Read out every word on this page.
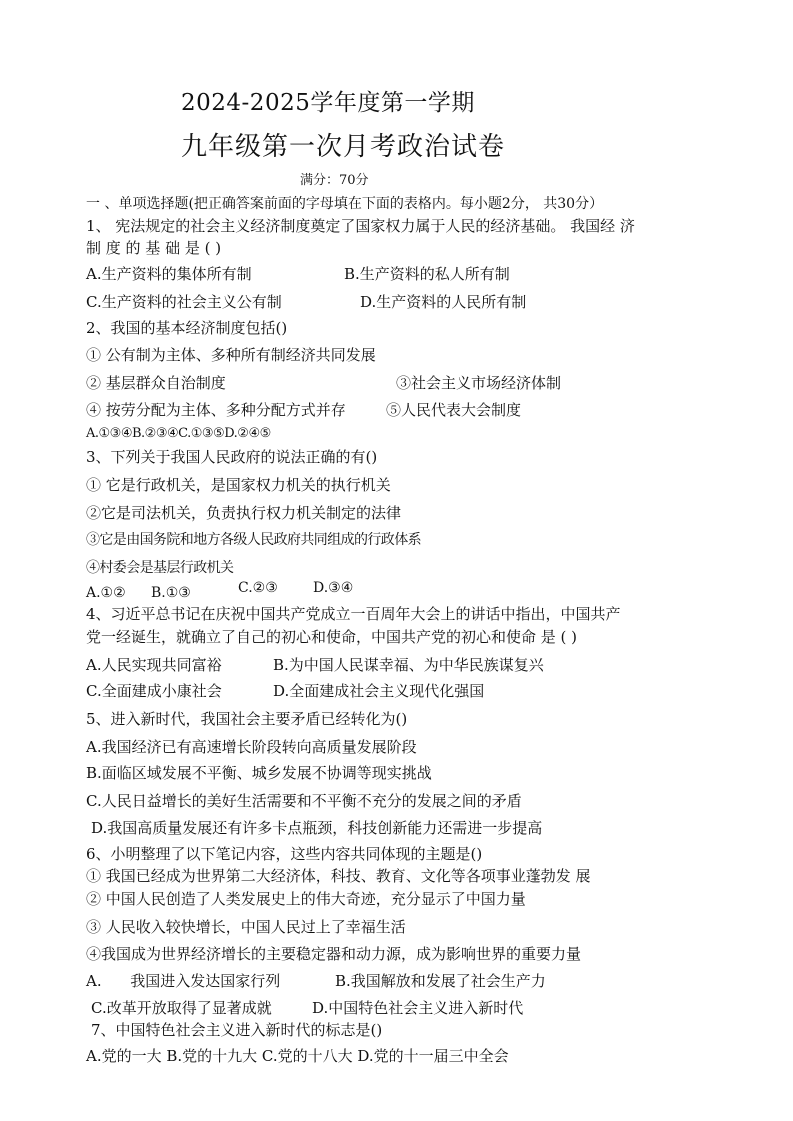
2024-2025学年度第一学期
九年级第一次月考政治试卷
满分：70分
一 、单项选择题(把正确答案前面的字母填在下面的表格内。每小题2分， 共30分）
1、 宪法规定的社会主义经济制度奠定了国家权力属于人民的经济基础。 我国经 济
制 度 的 基 础 是 ( )
A.生产资料的集体所有制	B.生产资料的私人所有制
C.生产资料的社会主义公有制	D.生产资料的人民所有制
2、我国的基本经济制度包括()
① 公有制为主体、多种所有制经济共同发展
② 基层群众自治制度	③社会主义市场经济体制
④ 按劳分配为主体、多种分配方式并存	⑤人民代表大会制度
A.①③④B.②③④C.①③⑤D.②④⑤
3、下列关于我国人民政府的说法正确的有()
① 它是行政机关，是国家权力机关的执行机关
②它是司法机关，负责执行权力机关制定的法律
③它是由国务院和地方各级人民政府共同组成的行政体系
④村委会是基层行政机关
A.①② B.①③	C.②③	D.③④
4、习近平总书记在庆祝中国共产党成立一百周年大会上的讲话中指出，中国共产
党一经诞生，就确立了自己的初心和使命，中国共产党的初心和使命 是 ( )
A.人民实现共同富裕	B.为中国人民谋幸福、为中华民族谋复兴
C.全面建成小康社会	D.全面建成社会主义现代化强国
5、进入新时代，我国社会主要矛盾已经转化为()
A.我国经济已有高速增长阶段转向高质量发展阶段
B.面临区域发展不平衡、城乡发展不协调等现实挑战
C.人民日益增长的美好生活需要和不平衡不充分的发展之间的矛盾
D.我国高质量发展还有许多卡点瓶颈，科技创新能力还需进一步提高
6、小明整理了以下笔记内容，这些内容共同体现的主题是()
① 我国已经成为世界第二大经济体，科技、教育、文化等各项事业蓬勃发 展
② 中国人民创造了人类发展史上的伟大奇迹，充分显示了中国力量
③ 人民收入较快增长，中国人民过上了幸福生活
④我国成为世界经济增长的主要稳定器和动力源，成为影响世界的重要力量
A.      我国进入发达国家行列	B.我国解放和发展了社会生产力
C.改革开放取得了显著成就	D.中国特色社会主义进入新时代
7、中国特色社会主义进入新时代的标志是()
A.党的一大 B.党的十九大 C.党的十八大 D.党的十一届三中全会
